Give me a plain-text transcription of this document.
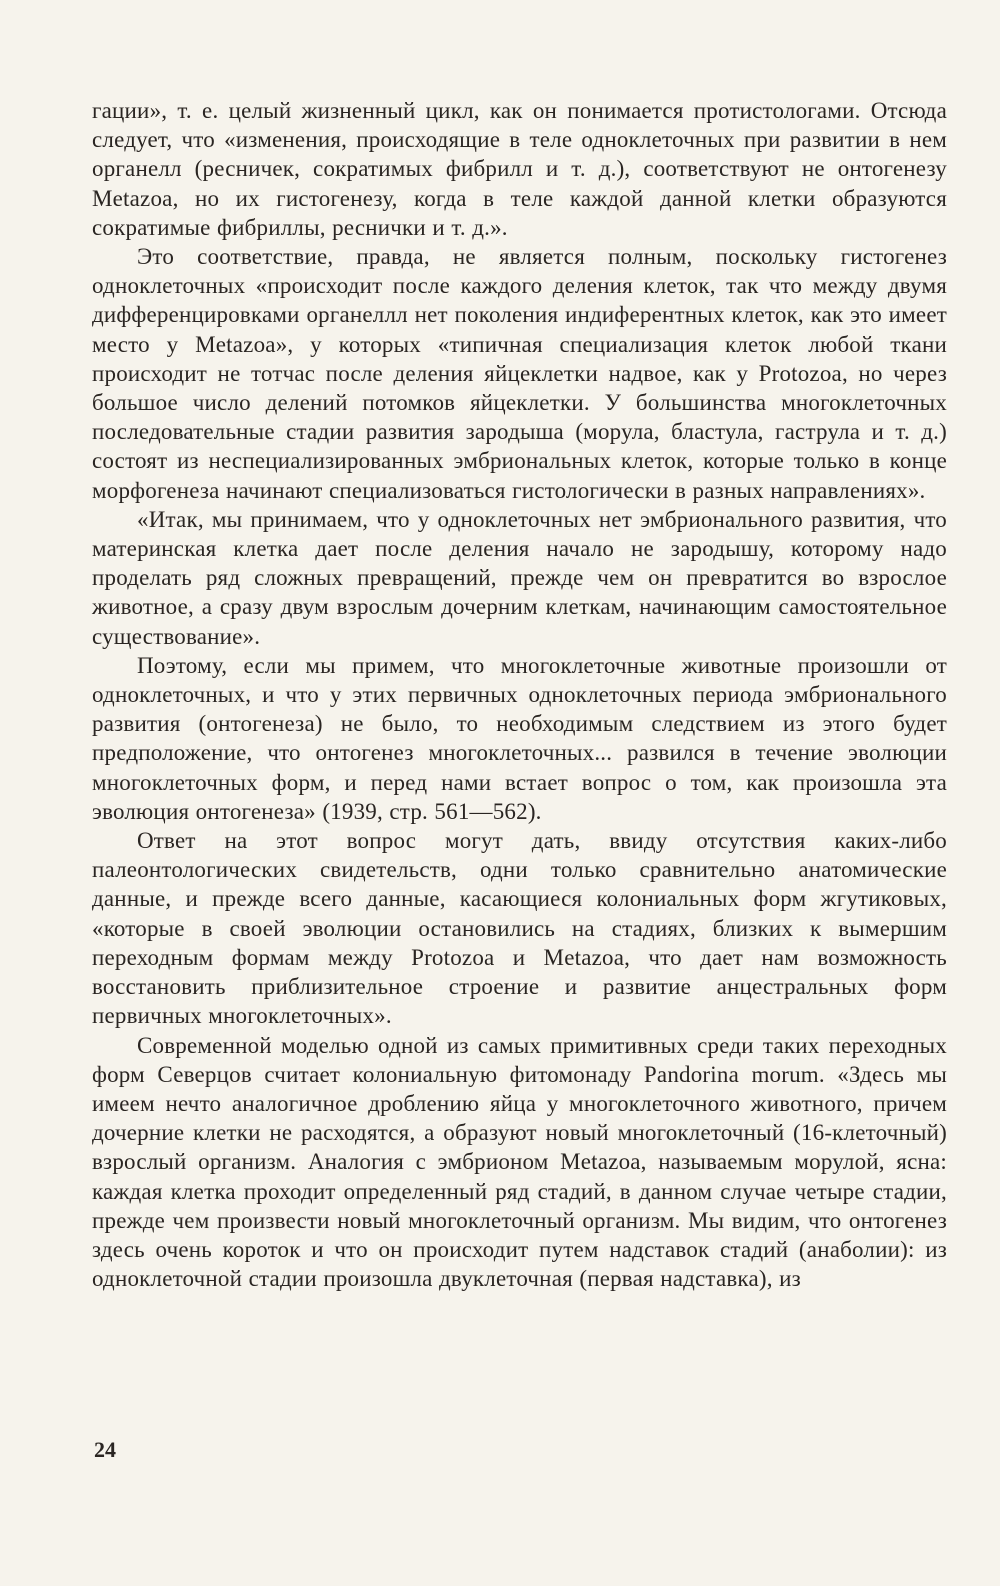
гации», т. е. целый жизненный цикл, как он понимается протистологами. Отсюда следует, что «изменения, происходящие в теле одноклеточных при развитии в нем органелл (ресничек, сократимых фибрилл и т. д.), соответствуют не онтогенезу Metazoa, но их гистогенезу, когда в теле каждой данной клетки образуются сократимые фибриллы, реснички и т. д.».

Это соответствие, правда, не является полным, поскольку гистогенез одноклеточных «происходит после каждого деления клеток, так что между двумя дифференцировками органеллл нет поколения индиферентных клеток, как это имеет место у Metazoa», у которых «типичная специализация клеток любой ткани происходит не тотчас после деления яйцеклетки надвое, как у Protozoa, но через большое число делений потомков яйцеклетки. У большинства многоклеточных последовательные стадии развития зародыша (морула, бластула, гаструла и т. д.) состоят из неспециализированных эмбриональных клеток, которые только в конце морфогенеза начинают специализоваться гистологически в разных направлениях».

«Итак, мы принимаем, что у одноклеточных нет эмбрионального развития, что материнская клетка дает после деления начало не зародышу, которому надо проделать ряд сложных превращений, прежде чем он превратится во взрослое животное, а сразу двум взрослым дочерним клеткам, начинающим самостоятельное существование».

Поэтому, если мы примем, что многоклеточные животные произошли от одноклеточных, и что у этих первичных одноклеточных периода эмбрионального развития (онтогенеза) не было, то необходимым следствием из этого будет предположение, что онтогенез многоклеточных... развился в течение эволюции многоклеточных форм, и перед нами встает вопрос о том, как произошла эта эволюция онтогенеза» (1939, стр. 561—562).

Ответ на этот вопрос могут дать, ввиду отсутствия каких-либо палеонтологических свидетельств, одни только сравнительно анатомические данные, и прежде всего данные, касающиеся колониальных форм жгутиковых, «которые в своей эволюции остановились на стадиях, близких к вымершим переходным формам между Protozoa и Metazoa, что дает нам возможность восстановить приблизительное строение и развитие анцестральных форм первичных многоклеточных».

Современной моделью одной из самых примитивных среди таких переходных форм Северцов считает колониальную фитомонаду Pandorina morum. «Здесь мы имеем нечто аналогичное дроблению яйца у многоклеточного животного, причем дочерние клетки не расходятся, а образуют новый многоклеточный (16-клеточный) взрослый организм. Аналогия с эмбрионом Metazoa, называемым морулой, ясна: каждая клетка проходит определенный ряд стадий, в данном случае четыре стадии, прежде чем произвести новый многоклеточный организм. Мы видим, что онтогенез здесь очень короток и что он происходит путем надставок стадий (анаболии): из одноклеточной стадии произошла двуклеточная (первая надставка), из

24
